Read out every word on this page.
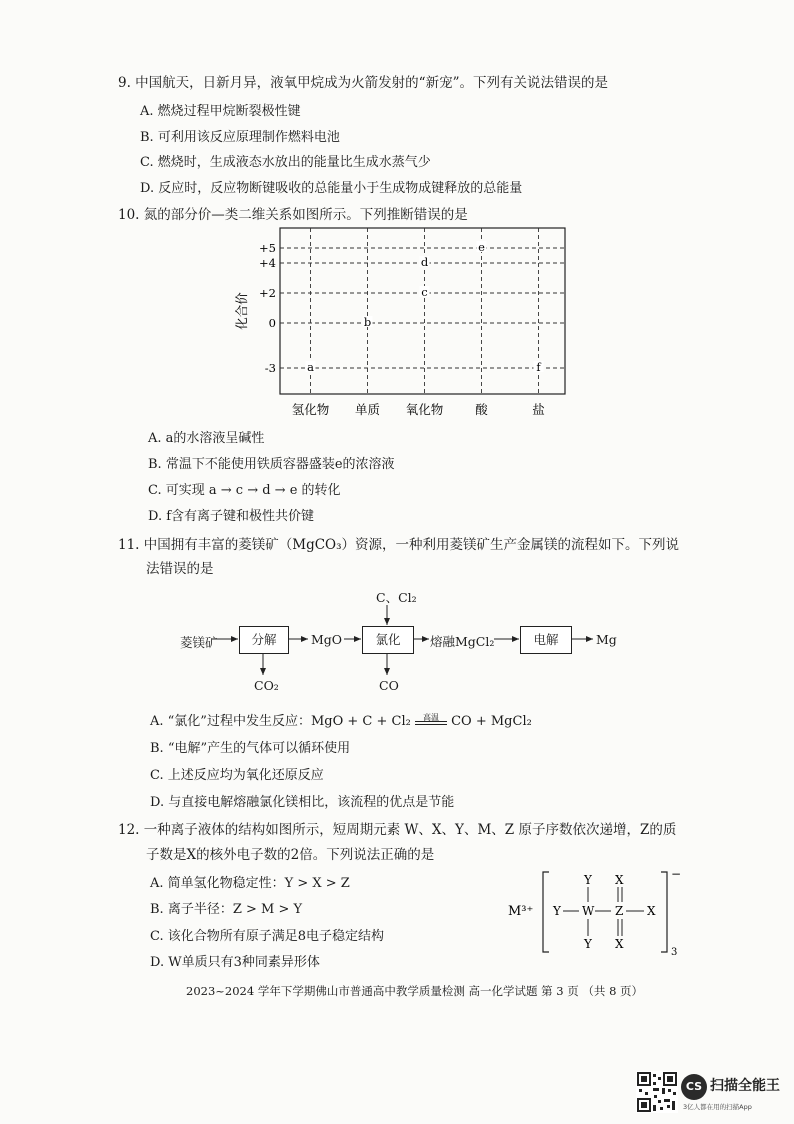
9. 中国航天，日新月异，液氧甲烷成为火箭发射的“新宠”。下列有关说法错误的是
A. 燃烧过程甲烷断裂极性键
B. 可利用该反应原理制作燃料电池
C. 燃烧时，生成液态水放出的能量比生成水蒸气少
D. 反应时，反应物断键吸收的总能量小于生成物成键释放的总能量
10. 氮的部分价—类二维关系如图所示。下列推断错误的是
+5
+4
+2
0
-3
化合价
氢化物 单质 氧化物	酸	盐
a
b
c
d
e
f
A. a的水溶液呈碱性
B. 常温下不能使用铁质容器盛装e的浓溶液
C. 可实现 a → c → d → e 的转化
D. f含有离子键和极性共价键
11. 中国拥有丰富的菱镁矿（MgCO₃）资源，一种利用菱镁矿生产金属镁的流程如下。下列说
法错误的是
C、Cl₂
菱镁矿	分解	MgO	氯化	熔融MgCl₂	电解	Mg
CO₂	CO
A. “氯化”过程中发生反应：MgO + C + Cl₂	高温 CO + MgCl₂
B. “电解”产生的气体可以循环使用
C. 上述反应均为氧化还原反应
D. 与直接电解熔融氯化镁相比，该流程的优点是节能
12. 一种离子液体的结构如图所示，短周期元素 W、X、Y、M、Z 原子序数依次递增，Z的质
子数是X的核外电子数的2倍。下列说法正确的是
A. 简单氢化物稳定性：Y > X > Z
B. 离子半径：Z > M > Y
C. 该化合物所有原子满足8电子稳定结构
D. W单质只有3种同素异形体
M³⁺
−
3
Y W Z X
Y
Y
X
X
2023~2024 学年下学期佛山市普通高中教学质量检测 高一化学试题 第 3 页 （共 8 页）
CS 扫描全能王
3亿人都在用的扫描App
